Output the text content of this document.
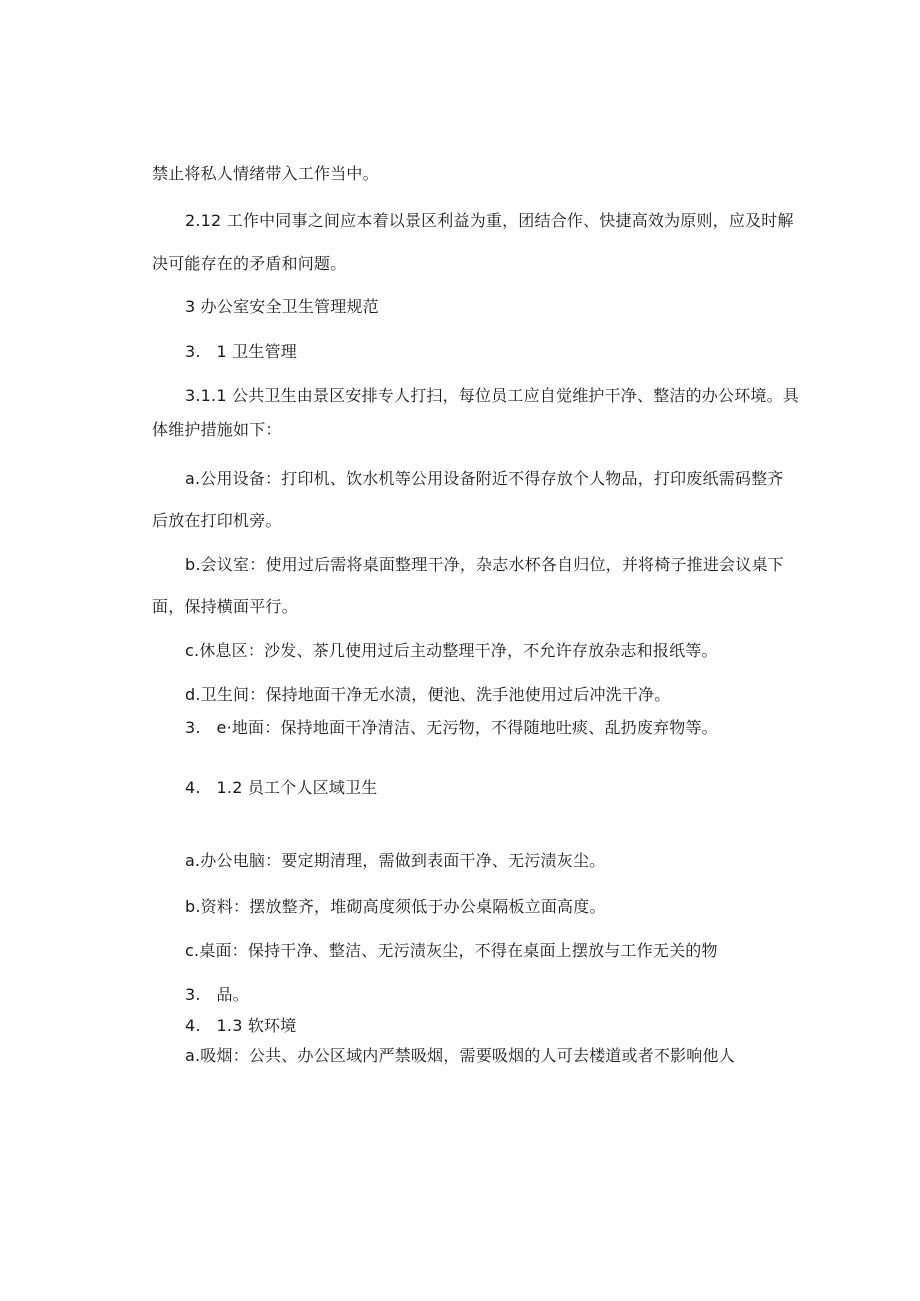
禁止将私人情绪带入工作当中。
2.12 工作中同事之间应本着以景区利益为重，团结合作、快捷高效为原则，应及时解
决可能存在的矛盾和问题。
3 办公室安全卫生管理规范
3.   1 卫生管理
3.1.1 公共卫生由景区安排专人打扫，每位员工应自觉维护干净、整洁的办公环境。具
体维护措施如下：
a.公用设备：打印机、饮水机等公用设备附近不得存放个人物品，打印废纸需码整齐
后放在打印机旁。
b.会议室：使用过后需将桌面整理干净，杂志水杯各自归位，并将椅子推进会议桌下
面，保持横面平行。
c.休息区：沙发、茶几使用过后主动整理干净，不允许存放杂志和报纸等。
d.卫生间：保持地面干净无水渍，便池、洗手池使用过后冲洗干净。
3.   e·地面：保持地面干净清洁、无污物，不得随地吐痰、乱扔废弃物等。
4.   1.2 员工个人区域卫生
a.办公电脑：要定期清理，需做到表面干净、无污渍灰尘。
b.资料：摆放整齐，堆砌高度须低于办公桌隔板立面高度。
c.桌面：保持干净、整洁、无污渍灰尘，不得在桌面上摆放与工作无关的物
3.   品。
4.   1.3 软环境
a.吸烟：公共、办公区域内严禁吸烟，需要吸烟的人可去楼道或者不影响他人
